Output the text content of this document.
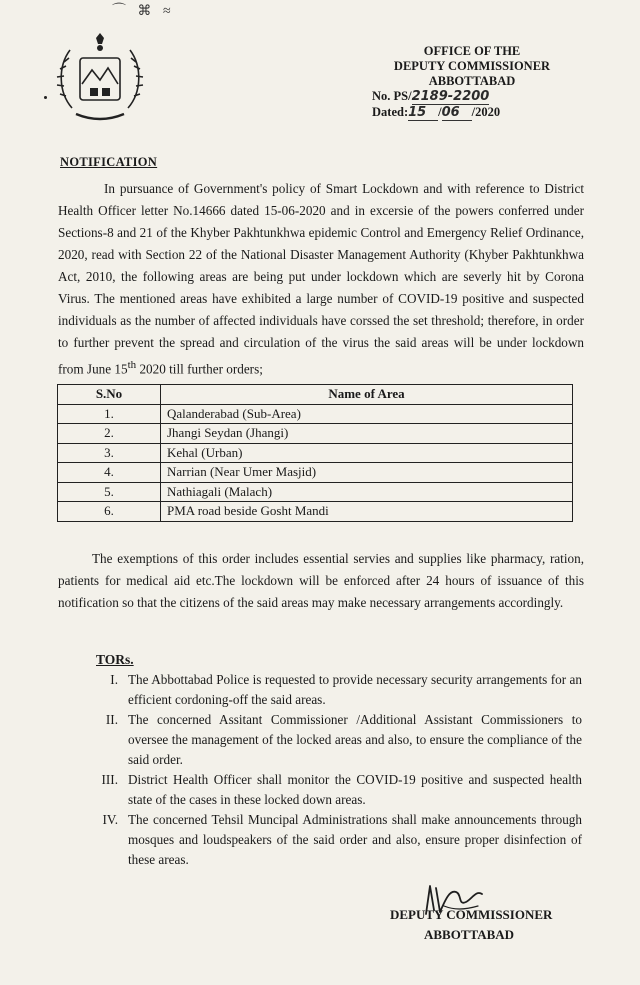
⌒ ⌘ ≈
OFFICE OF THE
DEPUTY COMMISSIONER
ABBOTTABAD
No. PS/2189-2200
Dated:15 /06 /2020
NOTIFICATION
In pursuance of Government's policy of Smart Lockdown and with reference to District Health Officer letter No.14666 dated 15-06-2020 and in excersie of the powers conferred under Sections-8 and 21 of the Khyber Pakhtunkhwa epidemic Control and Emergency Relief Ordinance, 2020, read with Section 22 of the National Disaster Management Authority (Khyber Pakhtunkhwa Act, 2010, the following areas are being put under lockdown which are severly hit by Corona Virus. The mentioned areas have exhibited a large number of COVID-19 positive and suspected individuals as the number of affected individuals have corssed the set threshold; therefore, in order to further prevent the spread and circulation of the virus the said areas will be under lockdown from June 15th 2020 till further orders;
S.No	Name of Area
1.	Qalanderabad (Sub-Area)
2.	Jhangi Seydan (Jhangi)
3.	Kehal (Urban)
4.	Narrian (Near Umer Masjid)
5.	Nathiagali (Malach)
6.	PMA road beside Gosht Mandi
The exemptions of this order includes essential servies and supplies like pharmacy, ration, patients for medical aid etc.The lockdown will be enforced after 24 hours of issuance of this notification so that the citizens of the said areas may make necessary arrangements accordingly.
TORs.
I. The Abbottabad Police is requested to provide necessary security arrangements for an efficient cordoning-off the said areas.
II. The concerned Assitant Commissioner /Additional Assistant Commissioners to oversee the management of the locked areas and also, to ensure the compliance of the said order.
III. District Health Officer shall monitor the COVID-19 positive and suspected health state of the cases in these locked down areas.
IV. The concerned Tehsil Muncipal Administrations shall make announcements through mosques and loudspeakers of the said order and also, ensure proper disinfection of these areas.
DEPUTY COMMISSIONER
ABBOTTABAD
